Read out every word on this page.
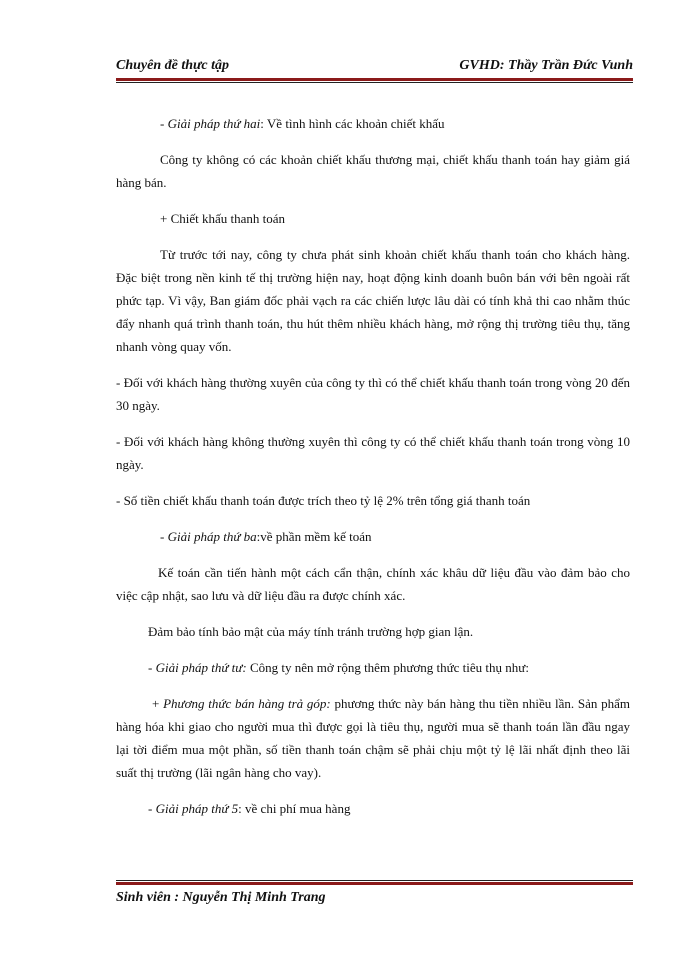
Chuyên đề thực tập	GVHD: Thầy Trần Đức Vunh

- Giải pháp thứ hai: Về tình hình các khoản chiết khấu

Công ty không có các khoản chiết khấu thương mại, chiết khấu thanh toán hay giảm giá hàng bán.

+ Chiết khấu thanh toán

Từ trước tới nay, công ty chưa phát sinh khoản chiết khấu thanh toán cho khách hàng. Đặc biệt trong nền kinh tế thị trường hiện nay, hoạt động kinh doanh buôn bán với bên ngoài rất phức tạp. Vì vậy, Ban giám đốc phải vạch ra các chiến lược lâu dài có tính khả thi cao nhằm thúc đẩy nhanh quá trình thanh toán, thu hút thêm nhiều khách hàng, mở rộng thị trường tiêu thụ, tăng nhanh vòng quay vốn.

- Đối với khách hàng thường xuyên của công ty thì có thể chiết khấu thanh toán trong vòng 20 đến 30 ngày.

- Đối với khách hàng không thường xuyên thì công ty có thể chiết khấu thanh toán trong vòng 10 ngày.

- Số tiền chiết khấu thanh toán được trích theo tỷ lệ 2% trên tổng giá thanh toán

- Giải pháp thứ ba:về phần mềm kế toán

Kế toán cần tiến hành một cách cẩn thận, chính xác khâu dữ liệu đầu vào đảm bảo cho việc cập nhật, sao lưu và dữ liệu đầu ra được chính xác.

Đảm bảo tính bảo mật của máy tính tránh trường hợp gian lận.

- Giải pháp thứ tư: Công ty nên mở rộng thêm phương thức tiêu thụ như:

+ Phương thức bán hàng trả góp: phương thức này bán hàng thu tiền nhiều lần. Sản phẩm hàng hóa khi giao cho người mua thì được gọi là tiêu thụ, người mua sẽ thanh toán lần đầu ngay lại tời điểm mua một phần, số tiền thanh toán chậm sẽ phải chịu một tỷ lệ lãi nhất định theo lãi suất thị trường (lãi ngân hàng cho vay).

- Giải pháp thứ 5: về chi phí mua hàng

Sinh viên : Nguyễn Thị Minh Trang
